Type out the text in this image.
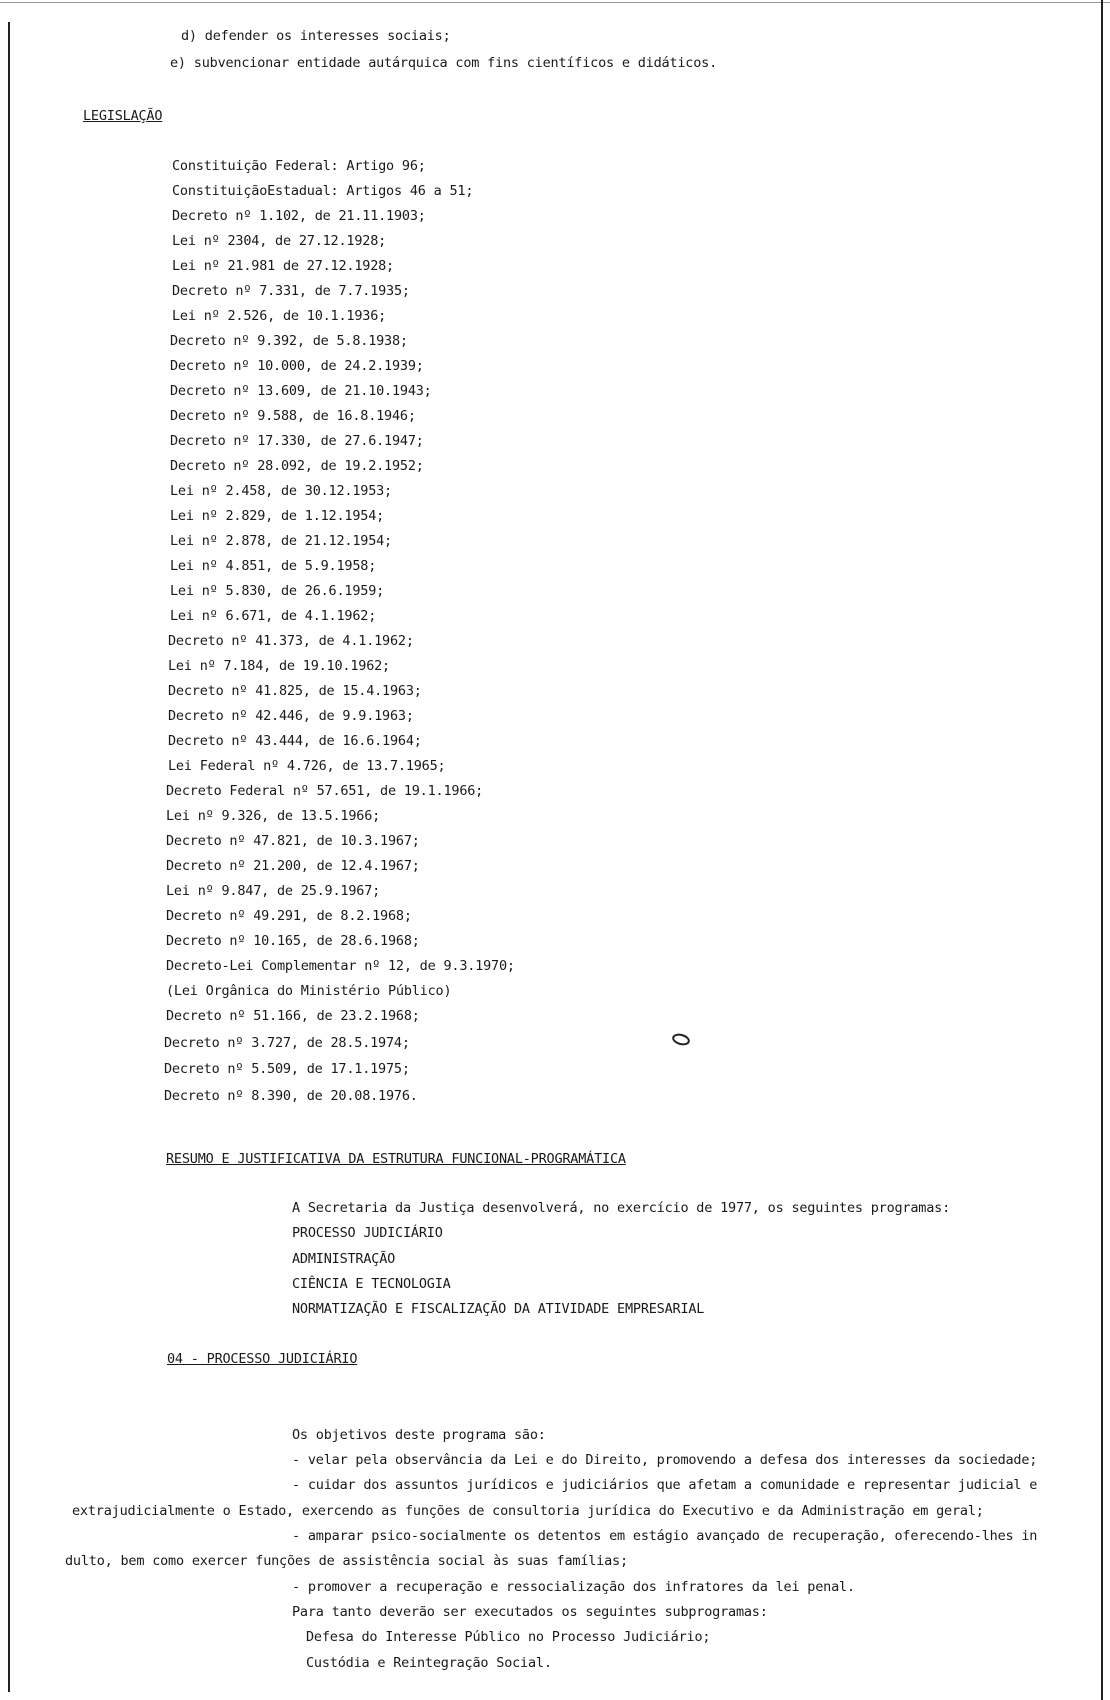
d) defender os interesses sociais;
e) subvencionar entidade autárquica com fins científicos e didáticos.
LEGISLAÇÃO
Constituição Federal: Artigo 96;
ConstituiçãoEstadual: Artigos 46 a 51;
Decreto nº 1.102, de 21.11.1903;
Lei nº 2304, de 27.12.1928;
Lei nº 21.981 de 27.12.1928;
Decreto nº 7.331, de 7.7.1935;
Lei nº 2.526, de 10.1.1936;
Decreto nº 9.392, de 5.8.1938;
Decreto nº 10.000, de 24.2.1939;
Decreto nº 13.609, de 21.10.1943;
Decreto nº 9.588, de 16.8.1946;
Decreto nº 17.330, de 27.6.1947;
Decreto nº 28.092, de 19.2.1952;
Lei nº 2.458, de 30.12.1953;
Lei nº 2.829, de 1.12.1954;
Lei nº 2.878, de 21.12.1954;
Lei nº 4.851, de 5.9.1958;
Lei nº 5.830, de 26.6.1959;
Lei nº 6.671, de 4.1.1962;
Decreto nº 41.373, de 4.1.1962;
Lei nº 7.184, de 19.10.1962;
Decreto nº 41.825, de 15.4.1963;
Decreto nº 42.446, de 9.9.1963;
Decreto nº 43.444, de 16.6.1964;
Lei Federal nº 4.726, de 13.7.1965;
Decreto Federal nº 57.651, de 19.1.1966;
Lei nº 9.326, de 13.5.1966;
Decreto nº 47.821, de 10.3.1967;
Decreto nº 21.200, de 12.4.1967;
Lei nº 9.847, de 25.9.1967;
Decreto nº 49.291, de 8.2.1968;
Decreto nº 10.165, de 28.6.1968;
Decreto-Lei Complementar nº 12, de 9.3.1970;
(Lei Orgânica do Ministério Público)
Decreto nº 51.166, de 23.2.1968;
Decreto nº 3.727, de 28.5.1974;
Decreto nº 5.509, de 17.1.1975;
Decreto nº 8.390, de 20.08.1976.
RESUMO E JUSTIFICATIVA DA ESTRUTURA FUNCIONAL-PROGRAMÁTICA
A Secretaria da Justiça desenvolverá, no exercício de 1977, os seguintes programas:
PROCESSO JUDICIÁRIO
ADMINISTRAÇÃO
CIÊNCIA E TECNOLOGIA
NORMATIZAÇÃO E FISCALIZAÇÃO DA ATIVIDADE EMPRESARIAL
04 - PROCESSO JUDICIÁRIO
Os objetivos deste programa são:
- velar pela observância da Lei e do Direito, promovendo a defesa dos interesses da sociedade;
- cuidar dos assuntos jurídicos e judiciários que afetam a comunidade e representar judicial e
extrajudicialmente o Estado, exercendo as funções de consultoria jurídica do Executivo e da Administração em geral;
- amparar psico-socialmente os detentos em estágio avançado de recuperação, oferecendo-lhes in
dulto, bem como exercer funções de assistência social às suas famílias;
- promover a recuperação e ressocialização dos infratores da lei penal.
Para tanto deverão ser executados os seguintes subprogramas:
Defesa do Interesse Público no Processo Judiciário;
Custódia e Reintegração Social.
